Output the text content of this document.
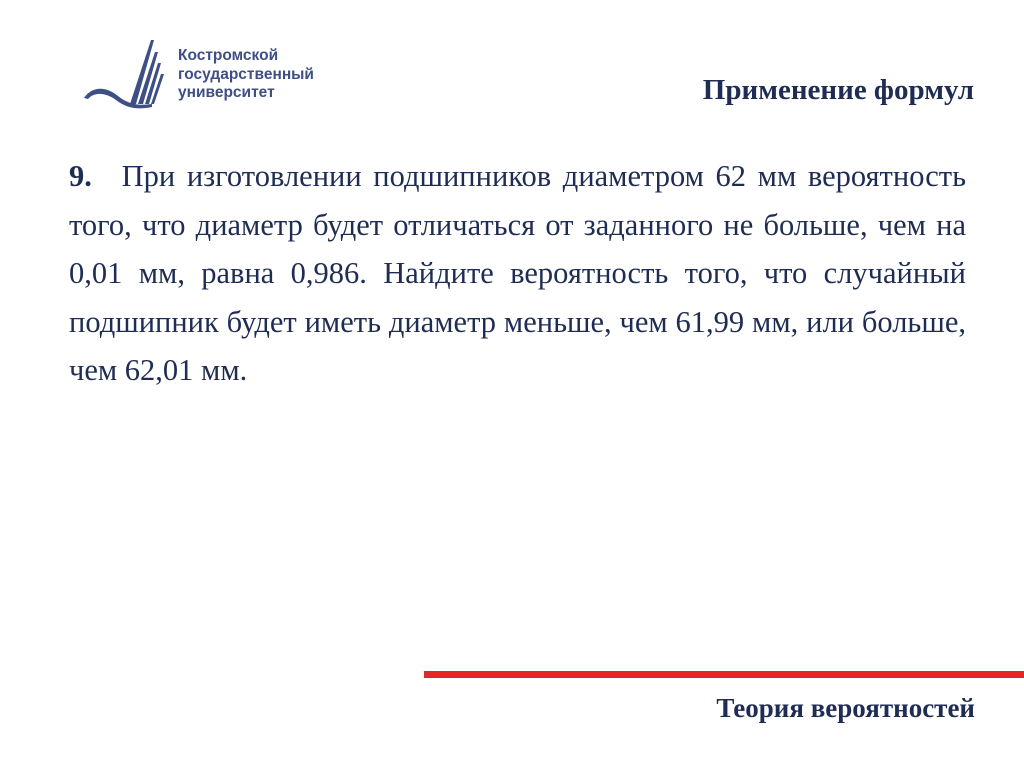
Костромской
государственный
университет	Применение формул

9. При изготовлении подшипников диаметром 62 мм вероятность того, что диаметр будет отличаться от заданного не больше, чем на 0,01 мм, равна 0,986. Найдите вероятность того, что случайный подшипник будет иметь диаметр меньше, чем 61,99 мм, или больше, чем 62,01 мм.

Теория вероятностей
